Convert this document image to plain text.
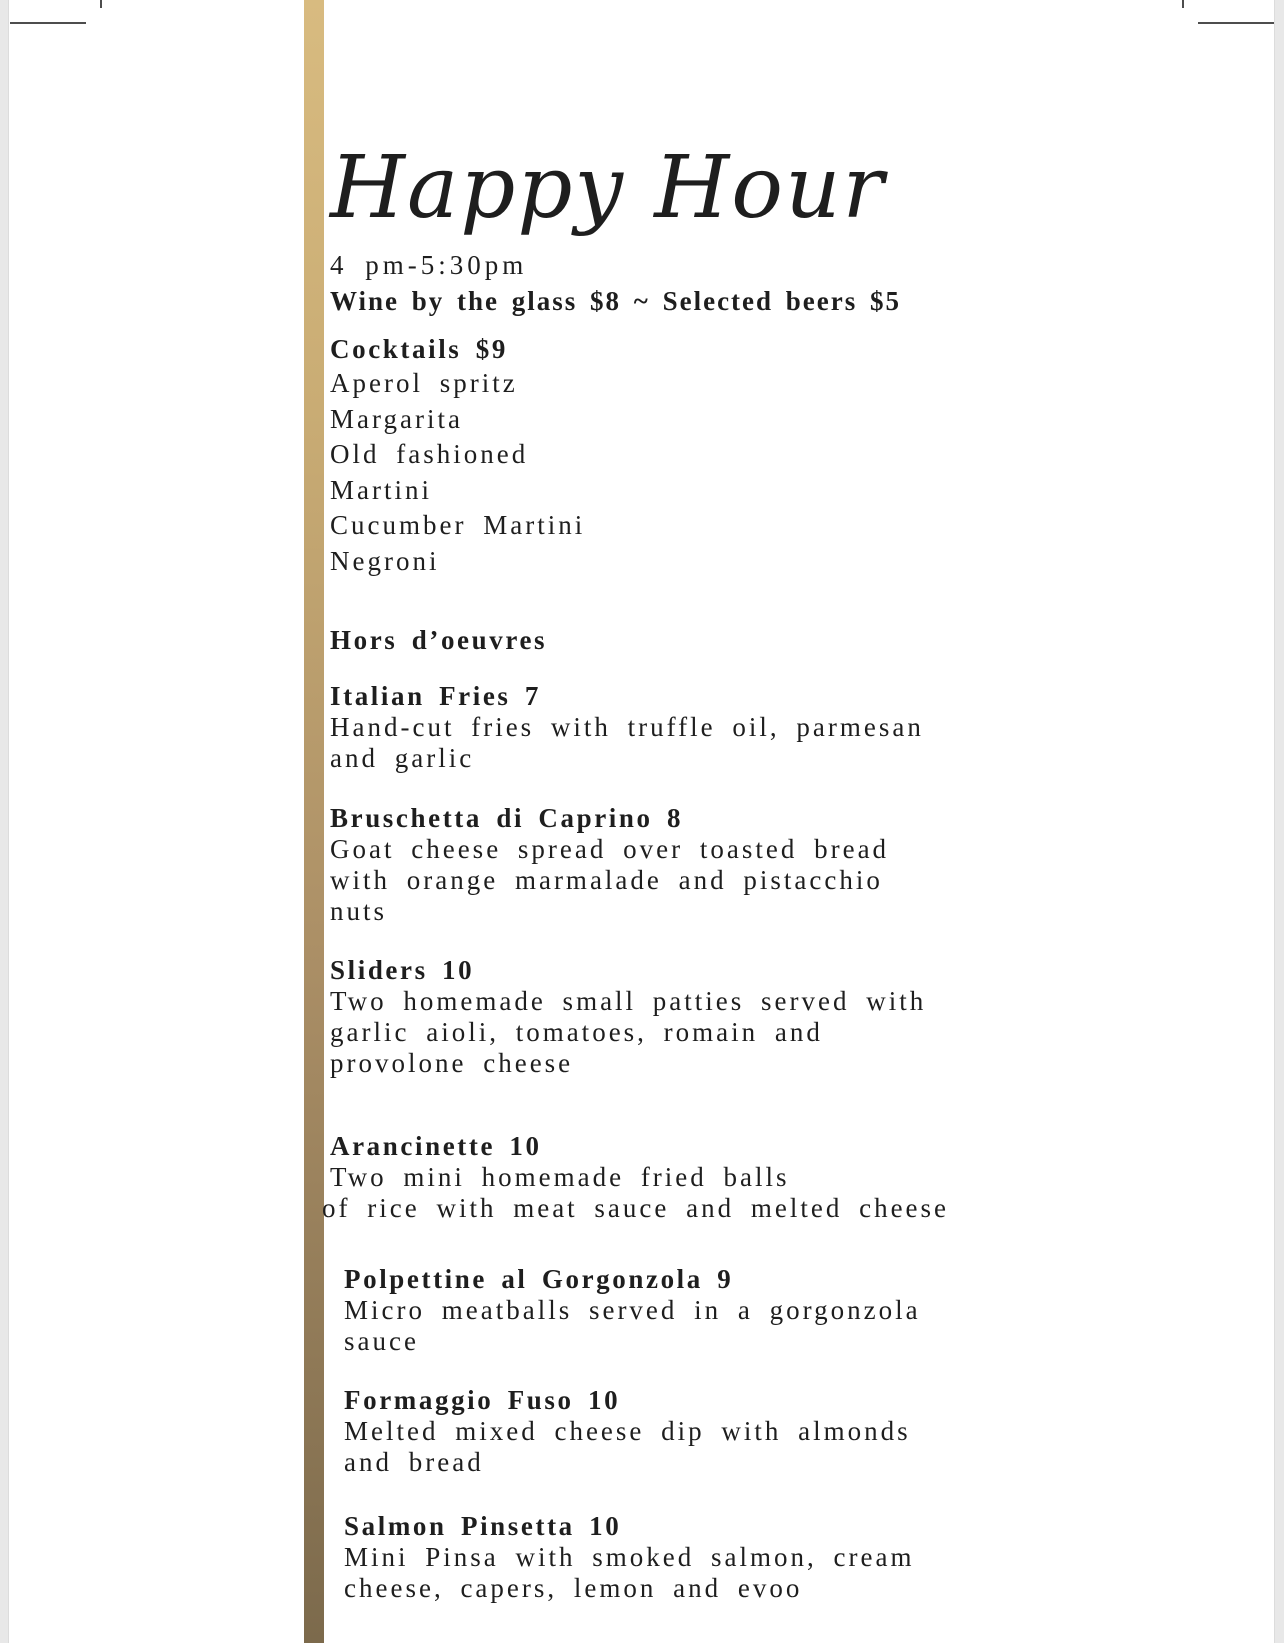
Happy Hour
4 pm-5:30pm
Wine by the glass $8 ~ Selected beers $5
Cocktails $9
Aperol spritz
Margarita
Old fashioned
Martini
Cucumber Martini
Negroni
Hors d’oeuvres
Italian Fries 7
Hand-cut fries with truffle oil, parmesan
and garlic
Bruschetta di Caprino 8
Goat cheese spread over toasted bread
with orange marmalade and pistacchio
nuts
Sliders 10
Two homemade small patties served with
garlic aioli, tomatoes, romain and
provolone cheese
Arancinette 10
Two mini homemade fried balls
of rice with meat sauce and melted cheese
Polpettine al Gorgonzola 9
Micro meatballs served in a gorgonzola
sauce
Formaggio Fuso 10
Melted mixed cheese dip with almonds
and bread
Salmon Pinsetta 10
Mini Pinsa with smoked salmon, cream
cheese, capers, lemon and evoo
